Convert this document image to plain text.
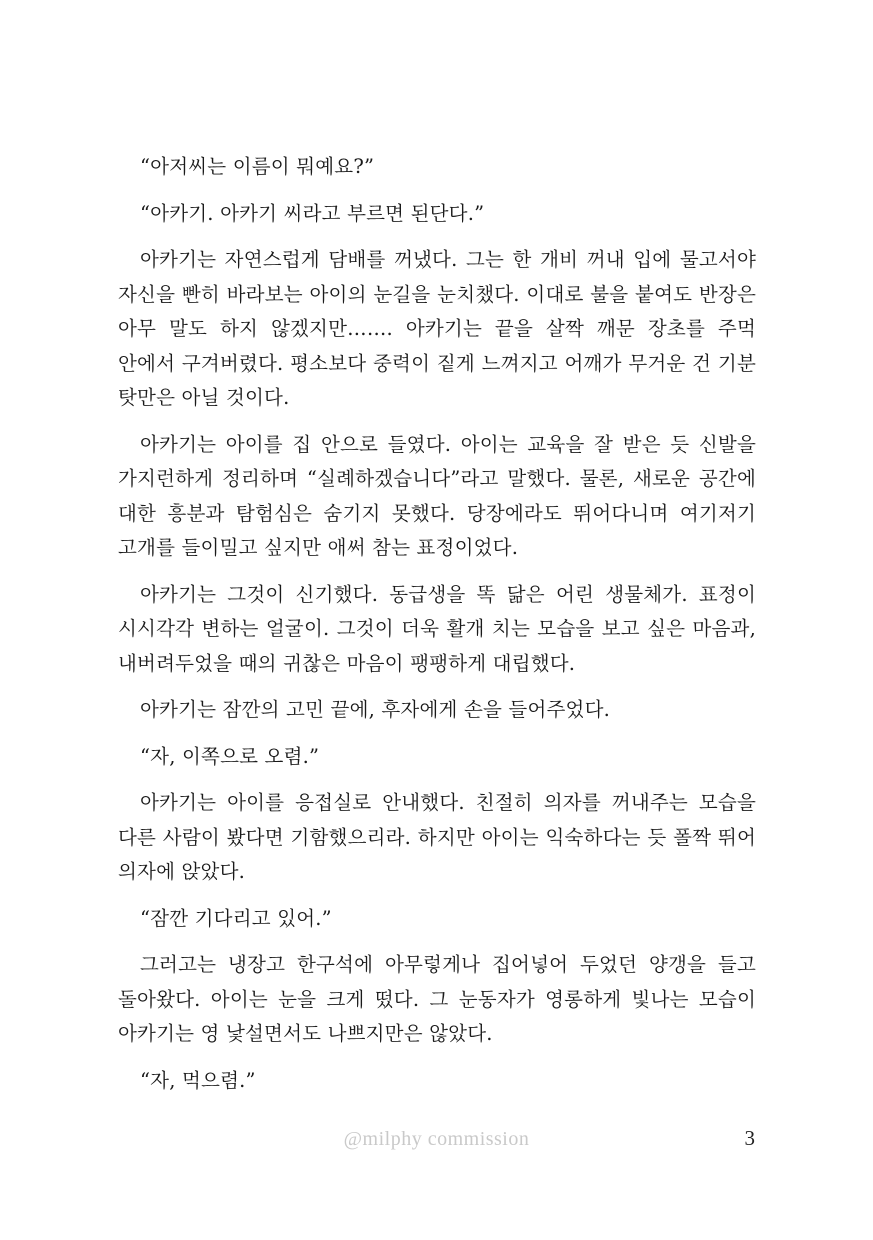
“아저씨는 이름이 뭐예요?”

“아카기. 아카기 씨라고 부르면 된단다.”

아카기는 자연스럽게 담배를 꺼냈다. 그는 한 개비 꺼내 입에 물고서야 자신을 빤히 바라보는 아이의 눈길을 눈치챘다. 이대로 불을 붙여도 반장은 아무 말도 하지 않겠지만……. 아카기는 끝을 살짝 깨문 장초를 주먹 안에서 구겨버렸다. 평소보다 중력이 짙게 느껴지고 어깨가 무거운 건 기분 탓만은 아닐 것이다.

아카기는 아이를 집 안으로 들였다. 아이는 교육을 잘 받은 듯 신발을 가지런하게 정리하며 “실례하겠습니다”라고 말했다. 물론, 새로운 공간에 대한 흥분과 탐험심은 숨기지 못했다. 당장에라도 뛰어다니며 여기저기 고개를 들이밀고 싶지만 애써 참는 표정이었다.

아카기는 그것이 신기했다. 동급생을 똑 닮은 어린 생물체가. 표정이 시시각각 변하는 얼굴이. 그것이 더욱 활개 치는 모습을 보고 싶은 마음과, 내버려두었을 때의 귀찮은 마음이 팽팽하게 대립했다.

아카기는 잠깐의 고민 끝에, 후자에게 손을 들어주었다.

“자, 이쪽으로 오렴.”

아카기는 아이를 응접실로 안내했다. 친절히 의자를 꺼내주는 모습을 다른 사람이 봤다면 기함했으리라. 하지만 아이는 익숙하다는 듯 폴짝 뛰어 의자에 앉았다.

“잠깐 기다리고 있어.”

그러고는 냉장고 한구석에 아무렇게나 집어넣어 두었던 양갱을 들고 돌아왔다. 아이는 눈을 크게 떴다. 그 눈동자가 영롱하게 빛나는 모습이 아카기는 영 낯설면서도 나쁘지만은 않았다.

“자, 먹으렴.”

@milphy commission	3
